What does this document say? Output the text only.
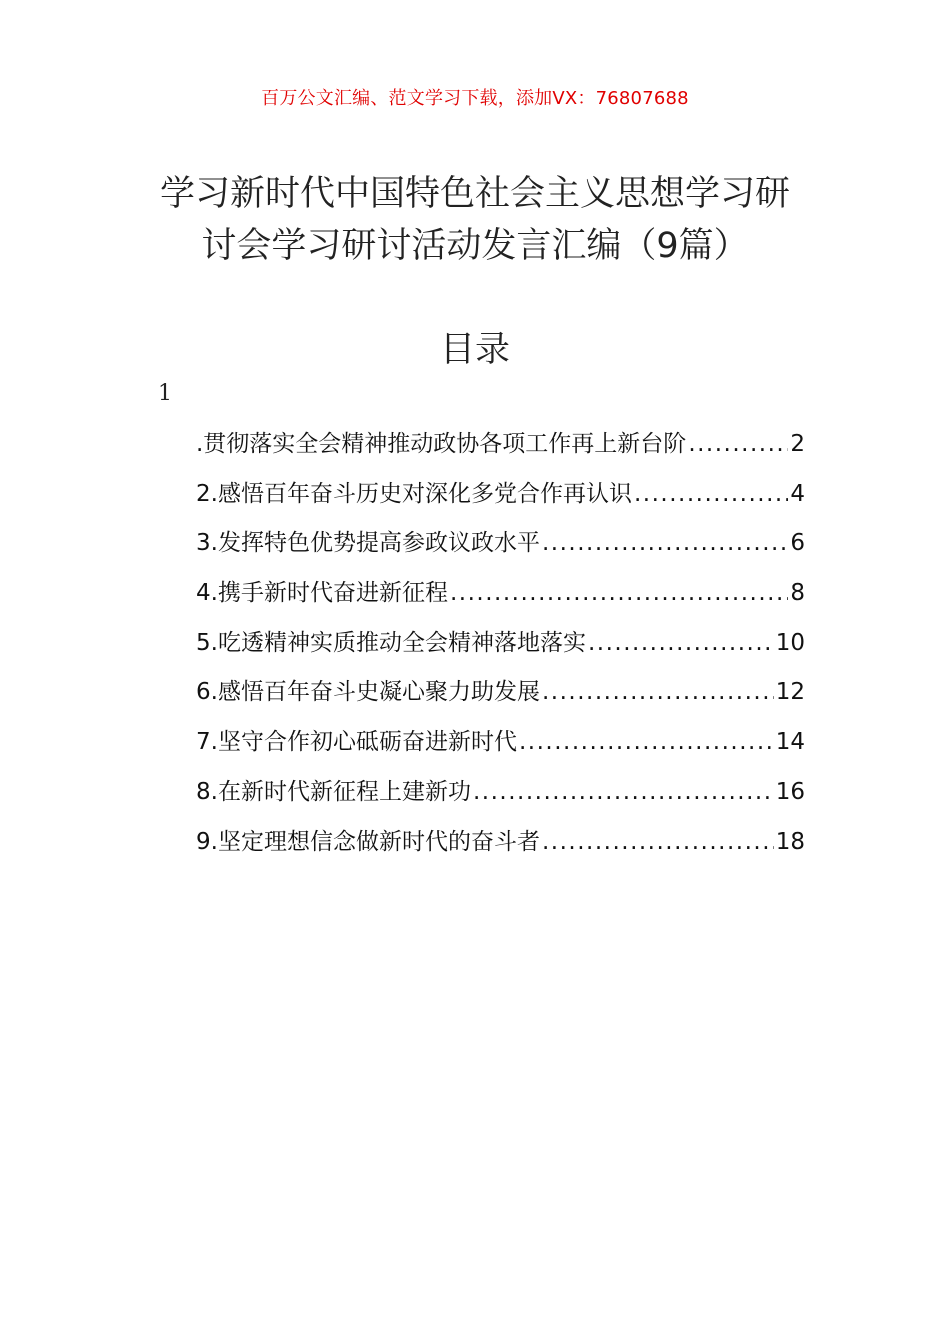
百万公文汇编、范文学习下载，添加VX：76807688
学习新时代中国特色社会主义思想学习研
讨会学习研讨活动发言汇编（9篇）
目录
1
.贯彻落实全会精神推动政协各项工作再上新台阶 .....	2
2.感悟百年奋斗历史对深化多党合作再认识 .....	4
3.发挥特色优势提高参政议政水平 .....	6
4.携手新时代奋进新征程 .....	8
5.吃透精神实质推动全会精神落地落实 .....	10
6.感悟百年奋斗史凝心聚力助发展 .....	12
7.坚守合作初心砥砺奋进新时代 .....	14
8.在新时代新征程上建新功 .....	16
9.坚定理想信念做新时代的奋斗者 .....	18
